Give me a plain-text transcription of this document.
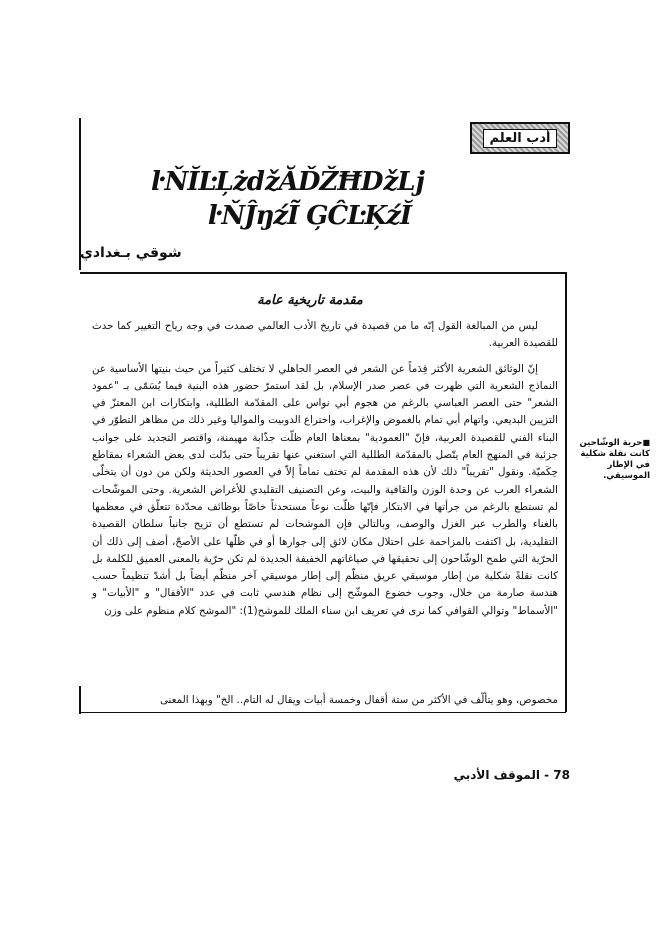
أدب العلم
ŀŇĬĿĻżǆĂĎŽĦǅǈ
ŀŇĴŋźĨ ĢĈĿĶźĬ
شوقي بـغدادي
مقدمة تاريخية عامة

ليس من المبالغة القول إنّه ما من قصيدة في تاريخ الأدب العالمي صمدت في وجه رياح التغيير كما حدث للقصيدة العربية.

إنّ الوثائق الشعرية الأكثر قِدَماً عن الشعر في العصر الجاهلي لا تختلف كثيراً من حيث بنيتها الأساسية عن النماذج الشعرية التي ظهرت في عصر صدر الإسلام، بل لقد استمرّ حضور هذه البنية فيما يُسَمّى بـ "عمود الشعر" حتى العصر العباسي بالرغم من هجوم أبي نواس على المقدّمة الطللية، وابتكارات ابن المعتزّ في التزيين البديعي. واتهام أبي تمام بالغموض والإغراب، واختراع الدوبيت والمواليا وغير ذلك من مظاهر التطوّر في البناء الفني للقصيدة العربية، فإنّ "العمودية" بمعناها العام ظلّت جذّابة مهيمنة، واقتصر التجديد على جوانب جزئية في المنهج العام يتّصل بالمقدّمة الطللية التي استغني عنها تقريباً حتى بدّلت لدى بعض الشعراء بمقاطع حِكَميّة. ونقول "تقريباً" ذلك لأن هذه المقدمة لم تختف تماماً إلاّ في العصور الحديثة ولكن من دون أن يتخلّى الشعراء العرب عن وحدة الوزن والقافية والبيت، وعن التصنيف التقليدي للأغراض الشعرية. وحتى الموشّحات لم تستطع بالرغم من جرأتها في الابتكار فإنّها ظلّت نوعاً مستحدثاً خاصّاً بوظائف محدّدة تتعلّق في معظمها بالغناء والطرب عبر الغزل والوصف، وبالتالي فإن الموشحات لم تستطع أن تزيح جانباً سلطان القصيدة التقليدية، بل اكتفت بالمزاحمة على احتلال مكان لائق إلى جوارها أو في ظلّها على الأصحّ، أضف إلى ذلك أن الحرّية التي طمح الوشّاحون إلى تحقيقها في صياغاتهم الخفيفة الجديدة لم تكن حرّية بالمعنى العميق للكلمة بل كانت نقلةً شكلية من إطار موسيقي عريق منظّم إلى إطار موسيقي آخر منظّم أيضاً بل أشدّ تنظيماً حسب هندسة صارمة من خلال، وجوب خضوع الموشّح إلى نظام هندسي ثابت في عدد "الأقفال" و "الأبيات" و "الأسماط" وتوالي القوافي كما نرى في تعريف ابن سناء الملك للموشح(1): "الموشح كلام منظوم على وزن

مخصوص، وهو يتألّف في الأكثر من ستة أقفال وخمسة أبيات ويقال له التام.. الخ" وبهذا المعنى
■حرية الوشّاحين كانت نقلة شكلية في الإطار الموسيقي.
78 - الموقف الأدبي
